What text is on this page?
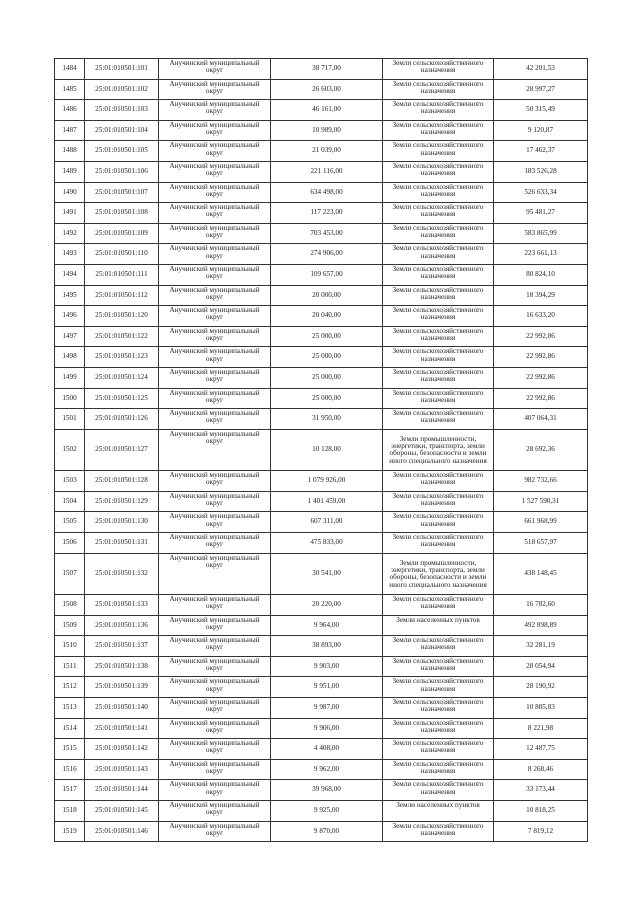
1484	25:01:010501:101	Анучинский муниципальный округ	38 717,00	Земли сельскохозяйственного назначения	42 201,53
1485	25:01:010501:102	Анучинский муниципальный округ	26 603,00	Земли сельскохозяйственного назначения	28 997,27
1486	25:01:010501:103	Анучинский муниципальный округ	46 161,00	Земли сельскохозяйственного назначения	50 315,49
1487	25:01:010501:104	Анучинский муниципальный округ	10 989,00	Земли сельскохозяйственного назначения	9 120,87
1488	25:01:010501:105	Анучинский муниципальный округ	21 039,00	Земли сельскохозяйственного назначения	17 462,37
1489	25:01:010501:106	Анучинский муниципальный округ	221 116,00	Земли сельскохозяйственного назначения	183 526,28
1490	25:01:010501:107	Анучинский муниципальный округ	634 498,00	Земли сельскохозяйственного назначения	526 633,34
1491	25:01:010501:108	Анучинский муниципальный округ	117 223,00	Земли сельскохозяйственного назначения	95 481,27
1492	25:01:010501:109	Анучинский муниципальный округ	703 453,00	Земли сельскохозяйственного назначения	583 865,99
1493	25:01:010501:110	Анучинский муниципальный округ	274 906,00	Земли сельскохозяйственного назначения	223 661,13
1494	25:01:010501:111	Анучинский муниципальный округ	109 657,00	Земли сельскохозяйственного назначения	80 824,10
1495	25:01:010501:112	Анучинский муниципальный округ	20 000,00	Земли сельскохозяйственного назначения	18 394,29
1496	25:01:010501:120	Анучинский муниципальный округ	20 040,00	Земли сельскохозяйственного назначения	16 633,20
1497	25:01:010501:122	Анучинский муниципальный округ	25 000,00	Земли сельскохозяйственного назначения	22 992,86
1498	25:01:010501:123	Анучинский муниципальный округ	25 000,00	Земли сельскохозяйственного назначения	22 992,86
1499	25:01:010501:124	Анучинский муниципальный округ	25 000,00	Земли сельскохозяйственного назначения	22 992,86
1500	25:01:010501:125	Анучинский муниципальный округ	25 000,00	Земли сельскохозяйственного назначения	22 992,86
1501	25:01:010501:126	Анучинский муниципальный округ	31 950,00	Земли сельскохозяйственного назначения	407 064,31
1502	25:01:010501:127	Анучинский муниципальный округ	10 128,00	Земли промышленности, энергетики, транспорта, земли обороны, безопасности и земли иного специального назначения	28 692,36
1503	25:01:010501:128	Анучинский муниципальный округ	1 079 926,00	Земли сельскохозяйственного назначения	982 732,66
1504	25:01:010501:129	Анучинский муниципальный округ	1 401 459,00	Земли сельскохозяйственного назначения	1 527 590,31
1505	25:01:010501:130	Анучинский муниципальный округ	607 311,00	Земли сельскохозяйственного назначения	661 968,99
1506	25:01:010501:131	Анучинский муниципальный округ	475 833,00	Земли сельскохозяйственного назначения	518 657,97
1507	25:01:010501:132	Анучинский муниципальный округ	30 541,00	Земли промышленности, энергетики, транспорта, земли обороны, безопасности и земли иного специального назначения	438 148,45
1508	25:01:010501:133	Анучинский муниципальный округ	20 220,00	Земли сельскохозяйственного назначения	16 782,60
1509	25:01:010501:136	Анучинский муниципальный округ	9 964,00	Земли населенных пунктов	492 898,89
1510	25:01:010501:137	Анучинский муниципальный округ	38 893,00	Земли сельскохозяйственного назначения	32 281,19
1511	25:01:010501:138	Анучинский муниципальный округ	9 903,00	Земли сельскохозяйственного назначения	28 054,94
1512	25:01:010501:139	Анучинский муниципальный округ	9 951,00	Земли сельскохозяйственного назначения	28 190,92
1513	25:01:010501:140	Анучинский муниципальный округ	9 987,00	Земли сельскохозяйственного назначения	10 885,83
1514	25:01:010501:141	Анучинский муниципальный округ	9 906,00	Земли сельскохозяйственного назначения	8 221,98
1515	25:01:010501:142	Анучинский муниципальный округ	4 408,00	Земли сельскохозяйственного назначения	12 487,75
1516	25:01:010501:143	Анучинский муниципальный округ	9 962,00	Земли сельскохозяйственного назначения	8 268,46
1517	25:01:010501:144	Анучинский муниципальный округ	39 968,00	Земли сельскохозяйственного назначения	33 173,44
1518	25:01:010501:145	Анучинский муниципальный округ	9 925,00	Земли населенных пунктов	10 818,25
1519	25:01:010501:146	Анучинский муниципальный округ	9 870,00	Земли сельскохозяйственного назначения	7 819,12
